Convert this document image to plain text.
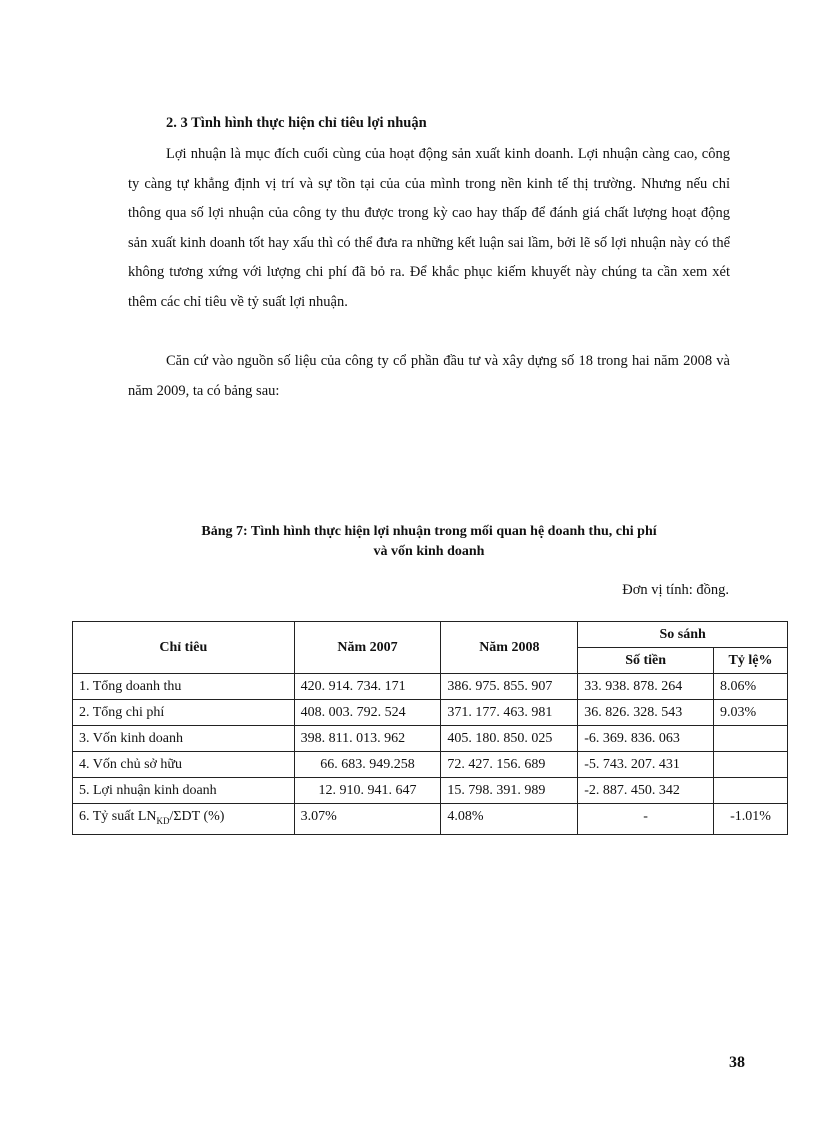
2. 3 Tình hình thực hiện chỉ tiêu lợi nhuận

Lợi nhuận là mục đích cuối cùng của hoạt động sản xuất kinh doanh. Lợi nhuận càng cao, công ty càng tự khẳng định vị trí và sự tồn tại của của mình trong nền kinh tế thị trường. Nhưng nếu chỉ thông qua số lợi nhuận của công ty thu được trong kỳ cao hay thấp để đánh giá chất lượng hoạt động sản xuất kinh doanh tốt hay xấu thì có thể đưa ra những kết luận sai lầm, bởi lẽ số lợi nhuận này có thể không tương xứng với lượng chi phí đã bỏ ra. Để khắc phục kiếm khuyết này chúng ta cần xem xét thêm các chỉ tiêu về tỷ suất lợi nhuận.

Căn cứ vào nguồn số liệu của công ty cổ phần đầu tư và xây dựng số 18 trong hai năm 2008 và năm 2009, ta có bảng sau:

Bảng 7: Tình hình thực hiện lợi nhuận trong mối quan hệ doanh thu, chi phí
và vốn kinh doanh
Đơn vị tính: đồng.
Chỉ tiêu	Năm 2007	Năm 2008	So sánh	
			Số tiền	Tỷ lệ%
1. Tổng doanh thu	420. 914. 734. 171	386. 975. 855. 907	33. 938. 878. 264	8.06%
2. Tổng chi phí	408. 003. 792. 524	371. 177. 463. 981	36. 826. 328. 543	9.03%
3. Vốn kinh doanh	398. 811. 013. 962	405. 180. 850. 025	-6. 369. 836. 063	
4. Vốn chủ sở hữu	66. 683. 949.258	72. 427. 156. 689	-5. 743. 207. 431	
5. Lợi nhuận kinh doanh	12. 910. 941. 647	15. 798. 391. 989	-2. 887. 450. 342	
6. Tỷ suất $LN_{KD}$/ΣDT (%)	3.07%	4.08%	-	-1.01%
38
